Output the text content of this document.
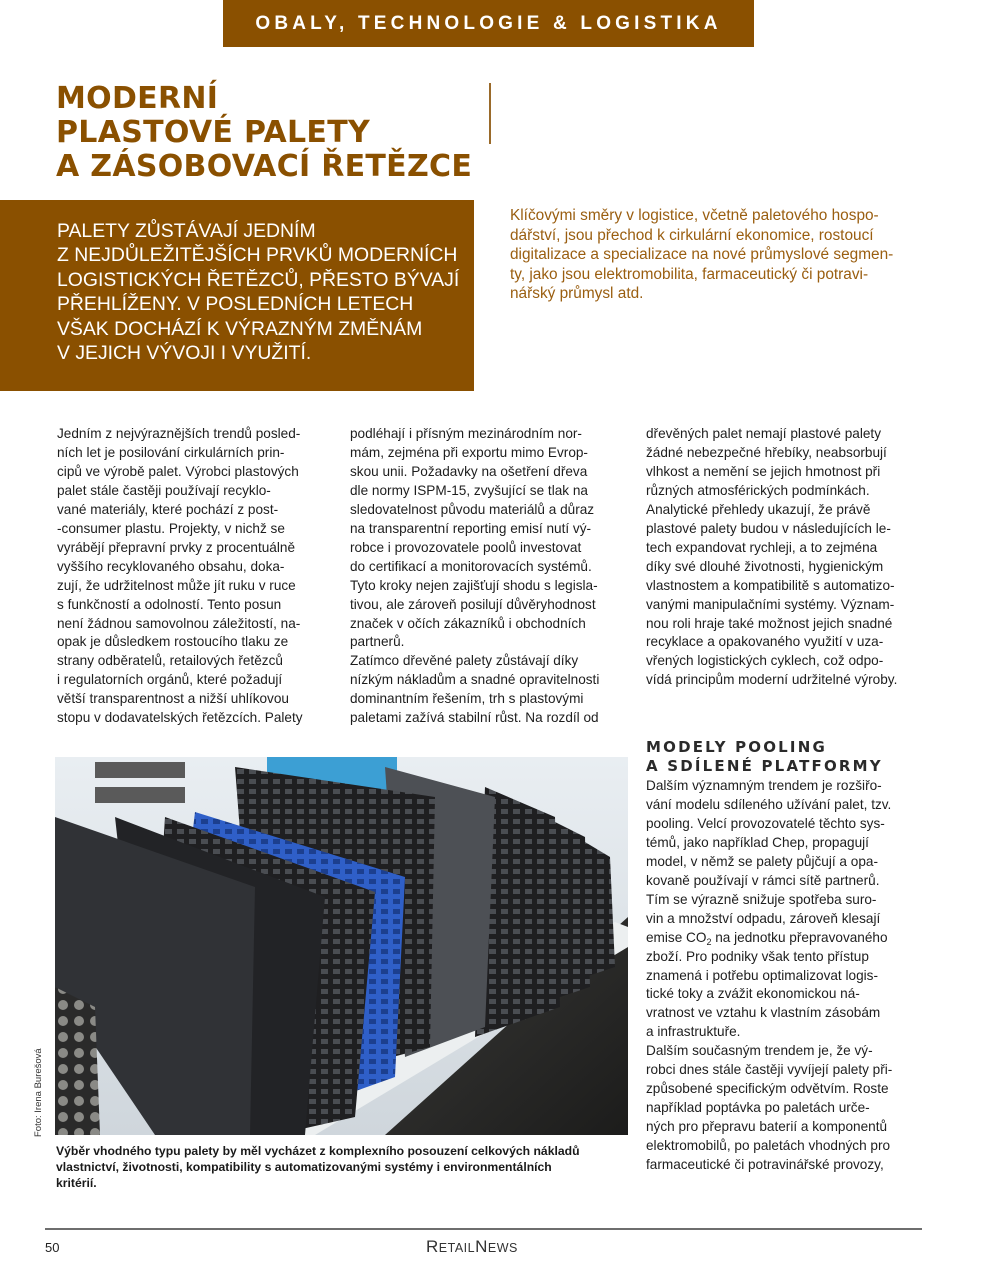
OBALY, TECHNOLOGIE & LOGISTIKA
MODERNÍ
PLASTOVÉ PALETY
A ZÁSOBOVACÍ ŘETĚZCE
PALETY ZŮSTÁVAJÍ JEDNÍM
Z NEJDŮLEŽITĚJŠÍCH PRVKŮ MODERNÍCH
LOGISTICKÝCH ŘETĚZCŮ, PŘESTO BÝVAJÍ
PŘEHLÍŽENY. V POSLEDNÍCH LETECH
VŠAK DOCHÁZÍ K VÝRAZNÝM ZMĚNÁM
V JEJICH VÝVOJI I VYUŽITÍ.
Klíčovými směry v logistice, včetně paletového hospo-
dářství, jsou přechod k cirkulární ekonomice, rostoucí
digitalizace a specializace na nové průmyslové segmen-
ty, jako jsou elektromobilita, farmaceutický či potravi-
nářský průmysl atd.
Jedním z nejvýraznějších trendů posled-
ních let je posilování cirkulárních prin-
cipů ve výrobě palet. Výrobci plastových
palet stále častěji používají recyklo-
vané materiály, které pochází z post-
-consumer plastu. Projekty, v nichž se
vyrábějí přepravní prvky z procentuálně
vyššího recyklovaného obsahu, doka-
zují, že udržitelnost může jít ruku v ruce
s funkčností a odolností. Tento posun
není žádnou samovolnou záležitostí, na-
opak je důsledkem rostoucího tlaku ze
strany odběratelů, retailových řetězců
i regulatorních orgánů, které požadují
větší transparentnost a nižší uhlíkovou
stopu v dodavatelských řetězcích. Palety
podléhají i přísným mezinárodním nor-
mám, zejména při exportu mimo Evrop-
skou unii. Požadavky na ošetření dřeva
dle normy ISPM-15, zvyšující se tlak na
sledovatelnost původu materiálů a důraz
na transparentní reporting emisí nutí vý-
robce i provozovatele poolů investovat
do certifikací a monitorovacích systémů.
Tyto kroky nejen zajišťují shodu s legisla-
tivou, ale zároveň posilují důvěryhodnost
značek v očích zákazníků i obchodních
partnerů.
Zatímco dřevěné palety zůstávají díky
nízkým nákladům a snadné opravitelnosti
dominantním řešením, trh s plastovými
paletami zažívá stabilní růst. Na rozdíl od
dřevěných palet nemají plastové palety
žádné nebezpečné hřebíky, neabsorbují
vlhkost a nemění se jejich hmotnost při
různých atmosférických podmínkách.
Analytické přehledy ukazují, že právě
plastové palety budou v následujících le-
tech expandovat rychleji, a to zejména
díky své dlouhé životnosti, hygienickým
vlastnostem a kompatibilitě s automatizo-
vanými manipulačními systémy. Význam-
nou roli hraje také možnost jejich snadné
recyklace a opakovaného využití v uza-
vřených logistických cyklech, což odpo-
vídá principům moderní udržitelné výroby.
MODELY POOLING
A SDÍLENÉ PLATFORMY
Dalším významným trendem je rozšiřo-
vání modelu sdíleného užívání palet, tzv.
pooling. Velcí provozovatelé těchto sys-
témů, jako například Chep, propagují
model, v němž se palety půjčují a opa-
kovaně používají v rámci sítě partnerů.
Tím se výrazně snižuje spotřeba suro-
vin a množství odpadu, zároveň klesají
emise $CO_2$ na jednotku přepravovaného
zboží. Pro podniky však tento přístup
znamená i potřebu optimalizovat logis-
tické toky a zvážit ekonomickou ná-
vratnost ve vztahu k vlastním zásobám
a infrastruktuře.
Dalším současným trendem je, že vý-
robci dnes stále častěji vyvíjejí palety při-
způsobené specifickým odvětvím. Roste
například poptávka po paletách urče-
ných pro přepravu baterií a komponentů
elektromobilů, po paletách vhodných pro
farmaceutické či potravinářské provozy,
Foto: Irena Burešová
Výběr vhodného typu palety by měl vycházet z komplexního posouzení celkových nákladů
vlastnictví, životnosti, kompatibility s automatizovanými systémy i environmentálních
kritérií.
50	RETAILNEWS
